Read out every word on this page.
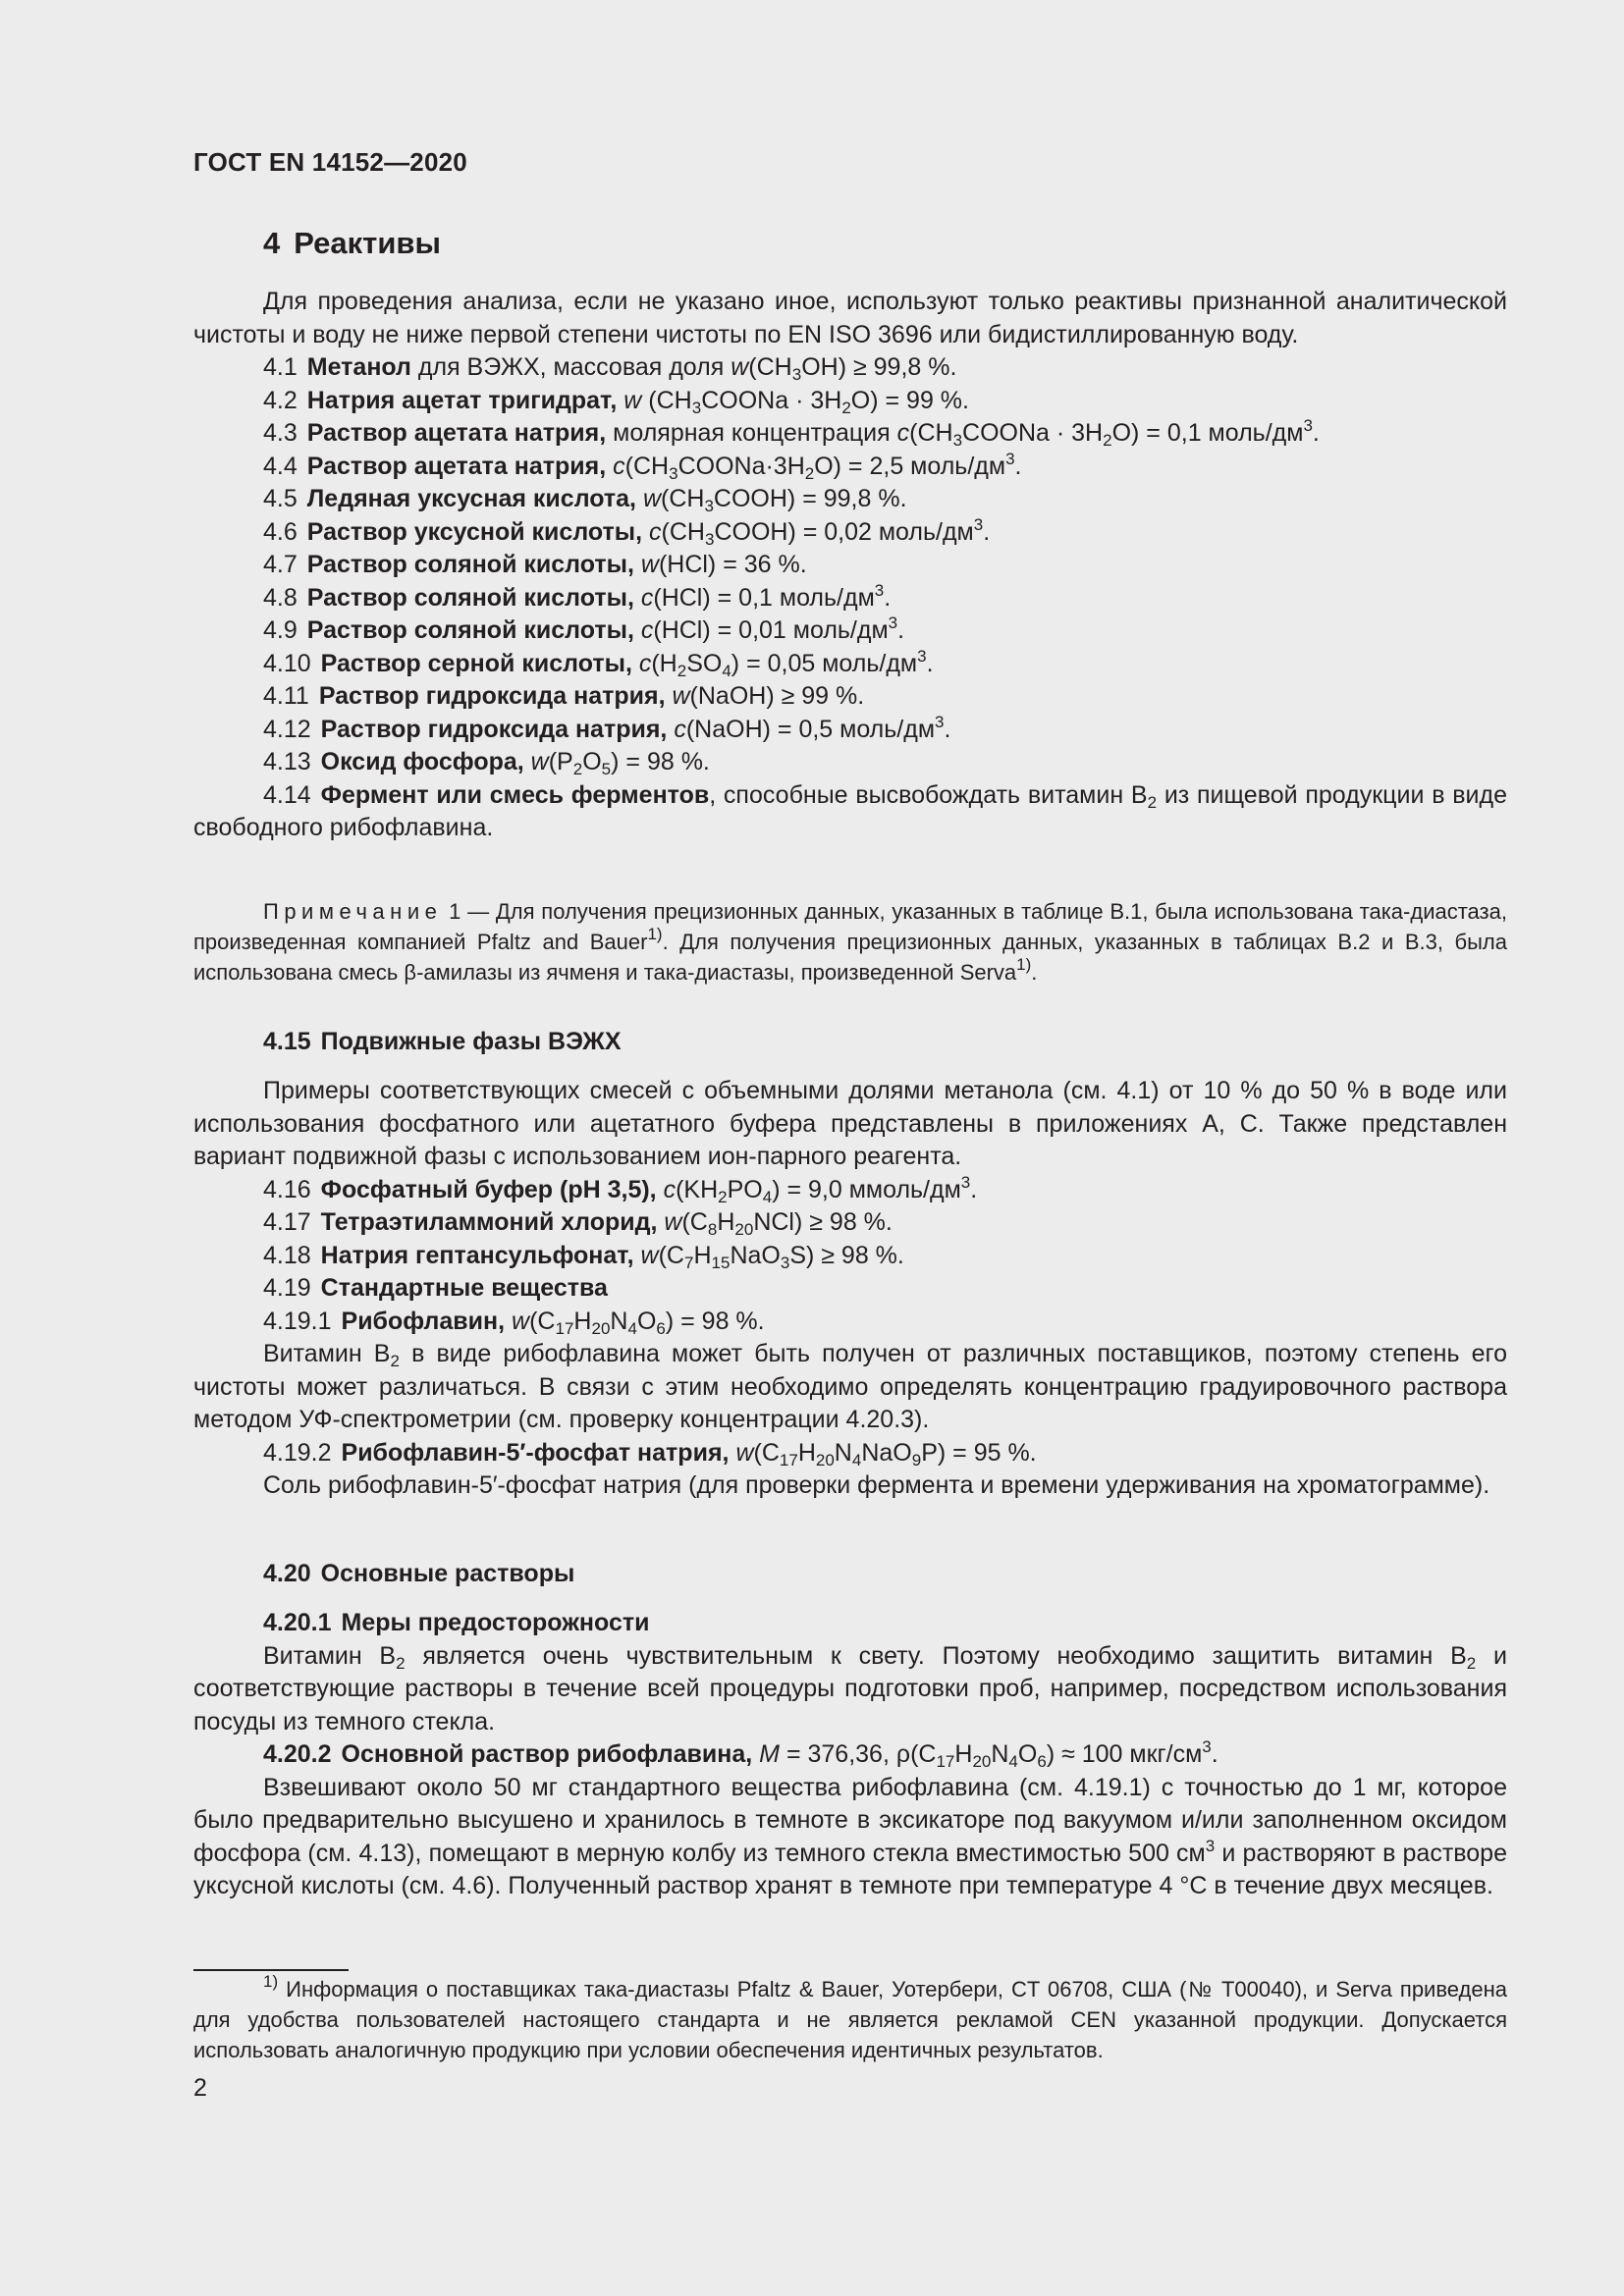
ГОСТ EN 14152—2020
4 Реактивы

Для проведения анализа, если не указано иное, используют только реактивы признанной аналитической чистоты и воду не ниже первой степени чистоты по EN ISO 3696 или бидистиллированную воду.

4.1 Метанол для ВЭЖХ, массовая доля $w(CH_3OH) \ge 99,8$ %.

4.2 Натрия ацетат тригидрат, w $(CH_3COONa \cdot 3H_2O) = 99$ %.

4.3 Раствор ацетата натрия, молярная концентрация $c(CH_3COONa \cdot 3H_2O) = 0,1$ моль/$дм^3$.

4.4 Раствор ацетата натрия, $c(CH_3COONa\cdot 3H_2O) = 2,5$ моль/$дм^3$.

4.5 Ледяная уксусная кислота, $w(CH_3COOH) = 99,8$ %.

4.6 Раствор уксусной кислоты, $c(CH_3COOH) = 0,02$ моль/$дм^3$.

4.7 Раствор соляной кислоты, w(HCl) = 36 %.

4.8 Раствор соляной кислоты, c(HCl) = 0,1 моль/$дм^3$.

4.9 Раствор соляной кислоты, c(HCl) = 0,01 моль/$дм^3$.

4.10 Раствор серной кислоты, $c(H_2SO_4) = 0,05$ моль/$дм^3$.

4.11 Раствор гидроксида натрия, w(NaOH) ≥ 99 %.

4.12 Раствор гидроксида натрия, c(NaOH) = 0,5 моль/$дм^3$.

4.13 Оксид фосфора, $w(P_2O_5) = 98$ %.

4.14 Фермент или смесь ферментов, способные высвобождать витамин $B_2$ из пищевой продукции в виде свободного рибофлавина.

Примечание 1 — Для получения прецизионных данных, указанных в таблице В.1, была использована така-диастаза, произведенная компанией Pfaltz and Bauer$^{1)}$. Для получения прецизионных данных, указанных в таблицах В.2 и В.3, была использована смесь β-амилазы из ячменя и така-диастазы, произведенной Serva$^{1)}$.

4.15 Подвижные фазы ВЭЖХ

Примеры соответствующих смесей с объемными долями метанола (см. 4.1) от 10 % до 50 % в воде или использования фосфатного или ацетатного буфера представлены в приложениях А, С. Также представлен вариант подвижной фазы с использованием ион-парного реагента.

4.16 Фосфатный буфер (pH 3,5), $c(KH_2PO_4) = 9,0$ ммоль/$дм^3$.

4.17 Тетраэтиламмоний хлорид, $w(C_8H_{20}NCl) \ge 98$ %.

4.18 Натрия гептансульфонат, $w(C_7H_{15}NaO_3S) \ge 98$ %.

4.19 Стандартные вещества

4.19.1 Рибофлавин, $w(C_{17}H_{20}N_4O_6) = 98$ %.

Витамин $B_2$ в виде рибофлавина может быть получен от различных поставщиков, поэтому степень его чистоты может различаться. В связи с этим необходимо определять концентрацию градуировочного раствора методом УФ-спектрометрии (см. проверку концентрации 4.20.3).

4.19.2 Рибофлавин-5′-фосфат натрия, $w(C_{17}H_{20}N_4NaO_9P) = 95$ %.

Соль рибофлавин-5′-фосфат натрия (для проверки фермента и времени удерживания на хроматограмме).

4.20 Основные растворы

4.20.1 Меры предосторожности

Витамин $B_2$ является очень чувствительным к свету. Поэтому необходимо защитить витамин $B_2$ и соответствующие растворы в течение всей процедуры подготовки проб, например, посредством использования посуды из темного стекла.

4.20.2 Основной раствор рибофлавина, M = 376,36, $\rho(C_{17}H_{20}N_4O_6) \approx 100$ мкг/$см^3$.

Взвешивают около 50 мг стандартного вещества рибофлавина (см. 4.19.1) с точностью до 1 мг, которое было предварительно высушено и хранилось в темноте в эксикаторе под вакуумом и/или заполненном оксидом фосфора (см. 4.13), помещают в мерную колбу из темного стекла вместимостью 500 $см^3$ и растворяют в растворе уксусной кислоты (см. 4.6). Полученный раствор хранят в темноте при температуре 4 °С в течение двух месяцев.

$^{1)}$ Информация о поставщиках така-диастазы Pfaltz & Bauer, Уотербери, CT 06708, США (№ T00040), и Serva приведена для удобства пользователей настоящего стандарта и не является рекламой CEN указанной продукции. Допускается использовать аналогичную продукцию при условии обеспечения идентичных результатов.

2
